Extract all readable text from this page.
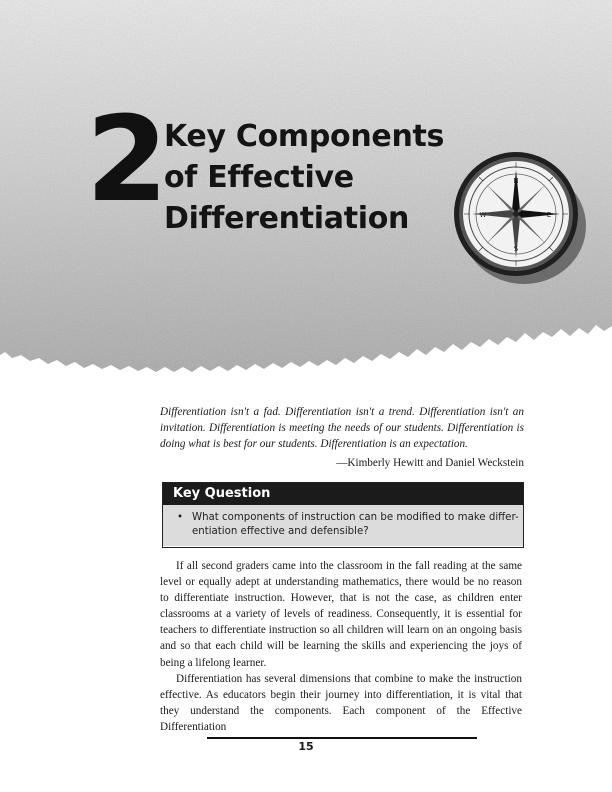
2 Key Components
of Effective
Differentiation
N
S
W	E

Differentiation isn't a fad. Differentiation isn't a trend. Differentiation isn't an invitation. Differentiation is meeting the needs of our students. Differentiation is doing what is best for our students. Differentiation is an expectation.

—Kimberly Hewitt and Daniel Weckstein

Key Question
• What components of instruction can be modified to make differ-
entiation effective and defensible?

If all second graders came into the classroom in the fall reading at the same level or equally adept at understanding mathematics, there would be no reason to differentiate instruction. However, that is not the case, as children enter classrooms at a variety of levels of readiness. Consequently, it is essential for teachers to differentiate instruction so all children will learn on an ongoing basis and so that each child will be learning the skills and experiencing the joys of being a lifelong learner.

Differentiation has several dimensions that combine to make the instruction effective. As educators begin their journey into differentiation, it is vital that they understand the components. Each component of the Effective Differentiation

15
